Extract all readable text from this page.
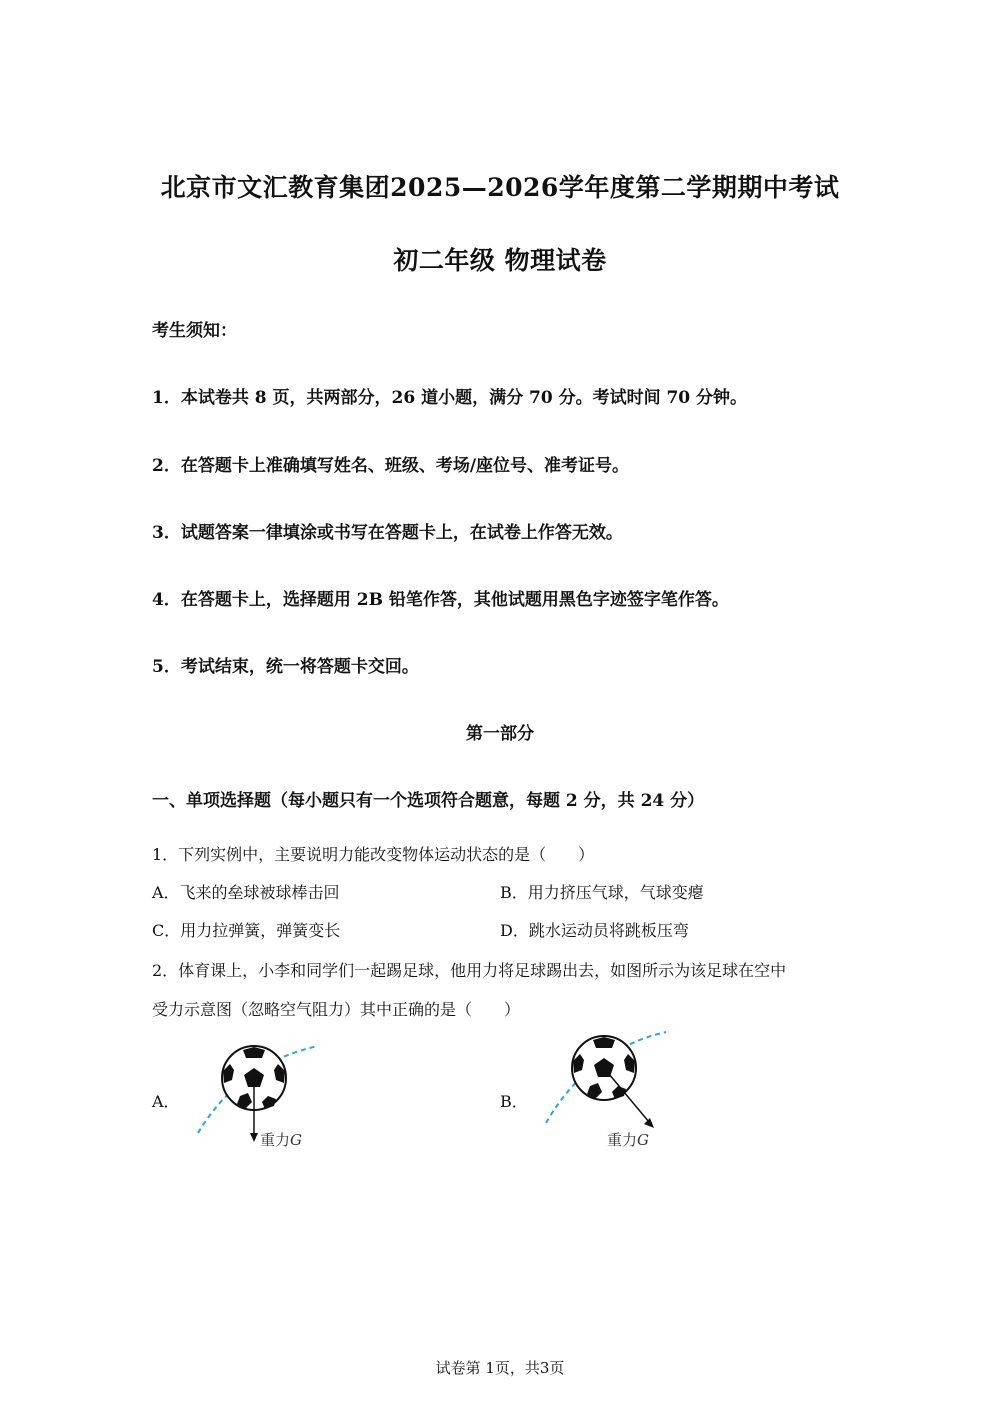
北京市文汇教育集团2025—2026学年度第二学期期中考试
初二年级 物理试卷
考生须知：
1．本试卷共 8 页，共两部分，26 道小题，满分 70 分。考试时间 70 分钟。
2．在答题卡上准确填写姓名、班级、考场/座位号、准考证号。
3．试题答案一律填涂或书写在答题卡上，在试卷上作答无效。
4．在答题卡上，选择题用 2B 铅笔作答，其他试题用黑色字迹签字笔作答。
5．考试结束，统一将答题卡交回。
第一部分
一、单项选择题（每小题只有一个选项符合题意，每题 2 分，共 24 分）
1．下列实例中，主要说明力能改变物体运动状态的是（　　）
A．飞来的垒球被球棒击回	B．用力挤压气球，气球变瘪
C．用力拉弹簧，弹簧变长	D．跳水运动员将跳板压弯
2．体育课上，小李和同学们一起踢足球，他用力将足球踢出去，如图所示为该足球在空中
受力示意图（忽略空气阻力）其中正确的是（　　）
A．
重力G
B．
重力G
试卷第 1页，共3页
